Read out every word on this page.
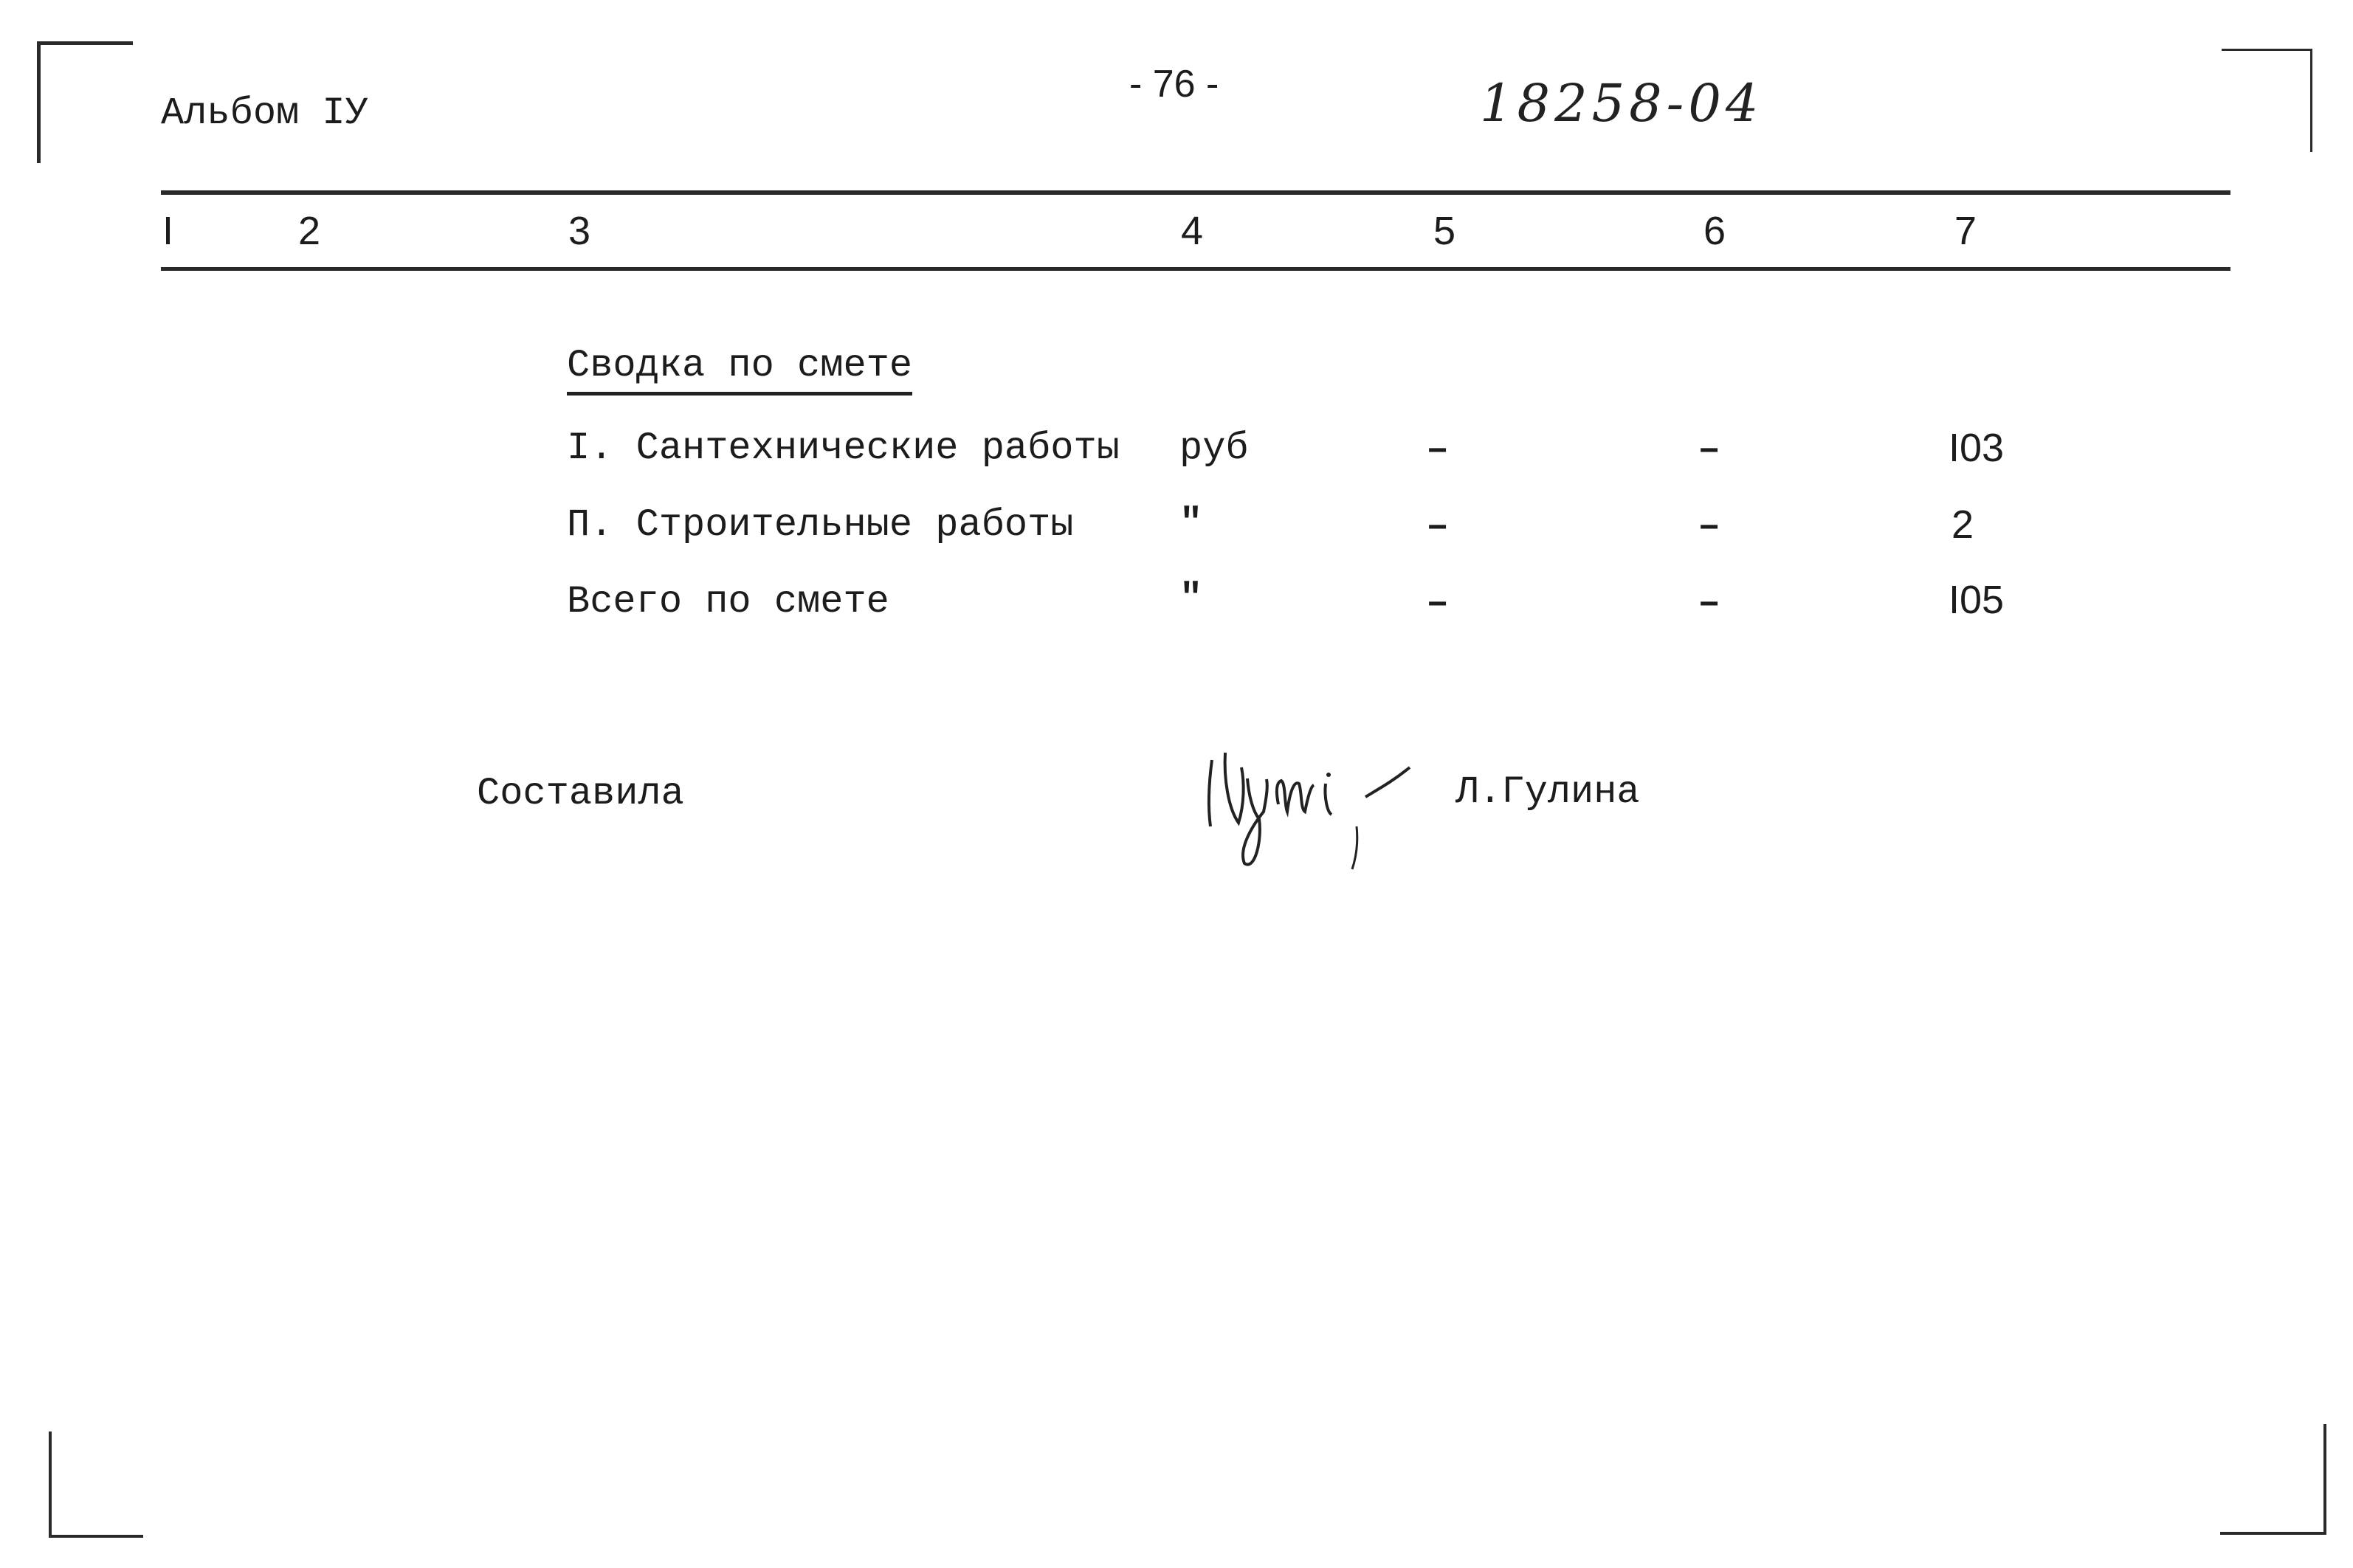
Альбом IУ
- 76 -	18258-04
I	2	3	4	5	6	7
Сводка по смете
I. Сантехнические работы руб	–	–	I03
П. Строительные работы	"	–	–	2
Всего по смете	"	–	–	I05
Составила	Л.Гулина
